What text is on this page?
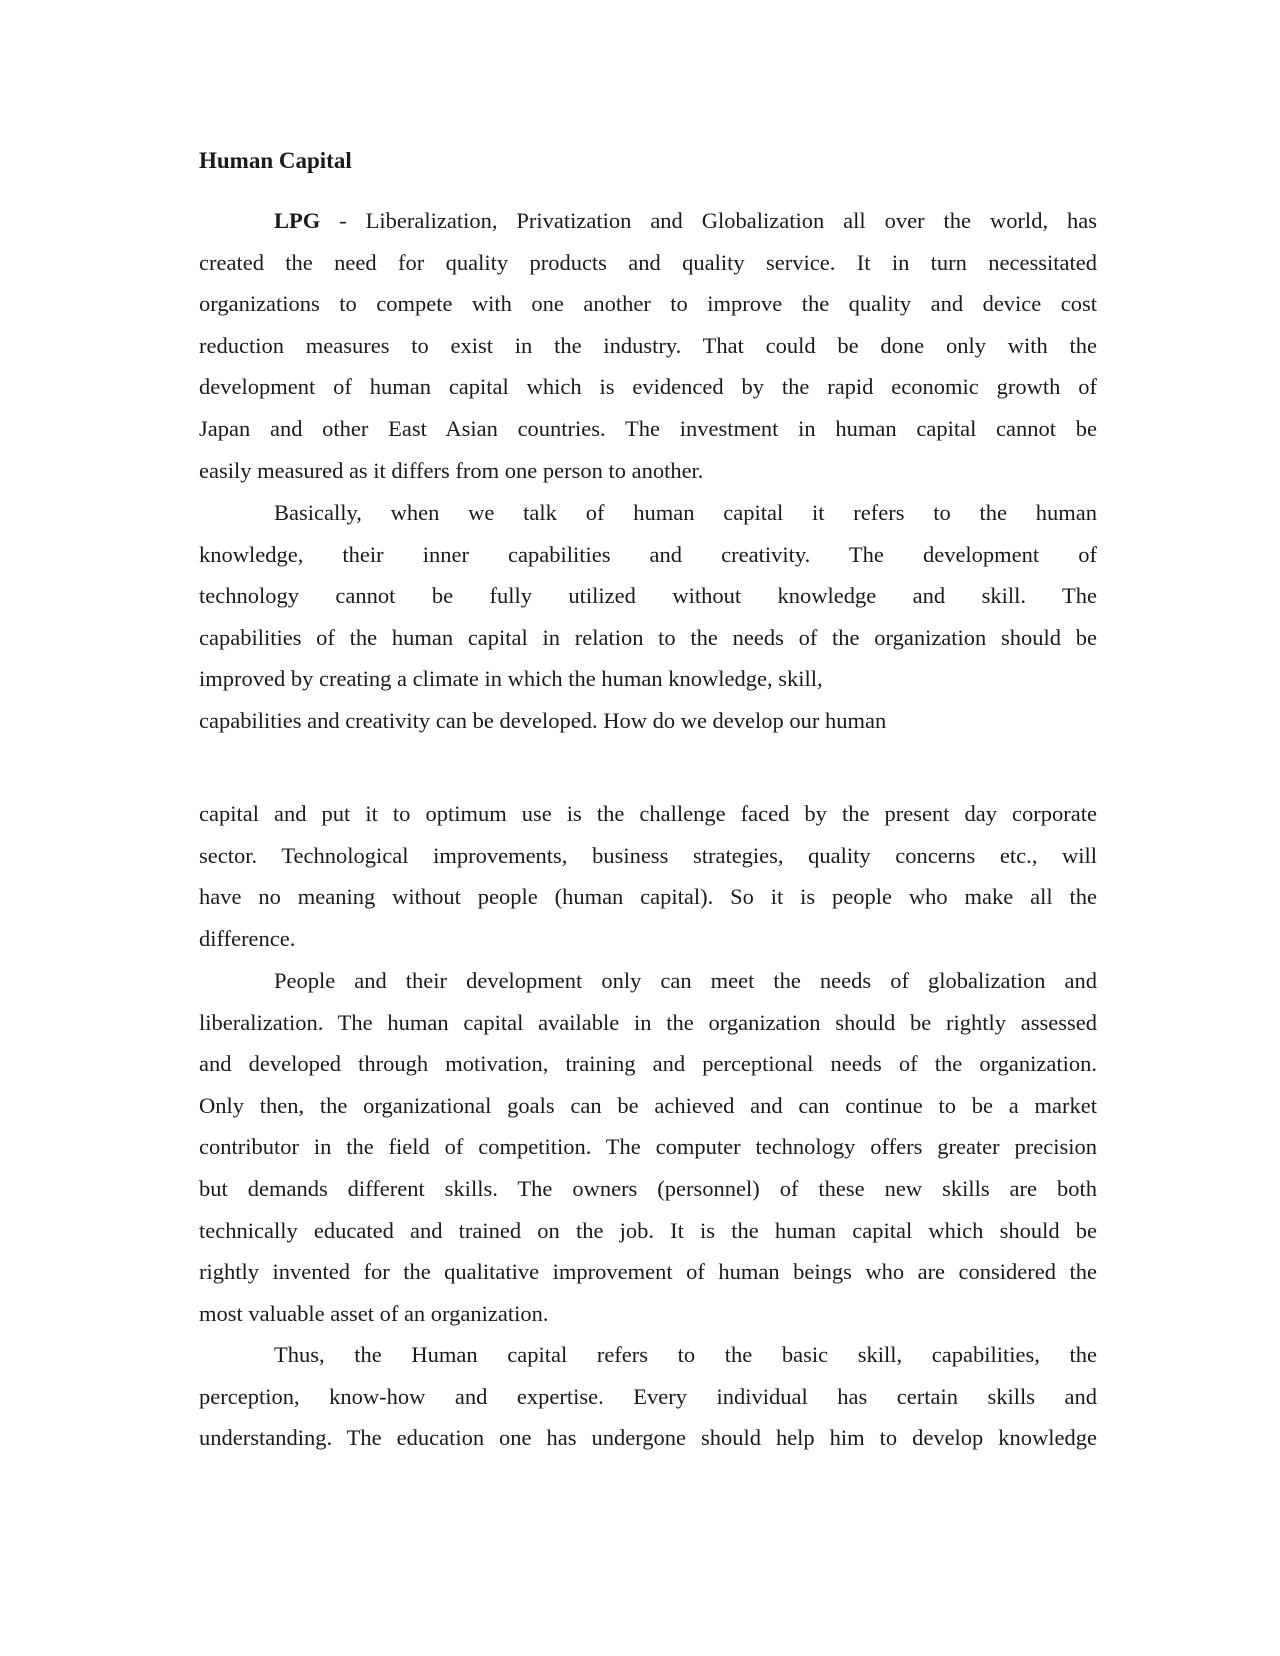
Human Capital
LPG - Liberalization, Privatization and Globalization all over the world, has
created the need for quality products and quality service. It in turn necessitated
organizations to compete with one another to improve the quality and device cost
reduction measures to exist in the industry. That could be done only with the
development of human capital which is evidenced by the rapid economic growth of
Japan and other East Asian countries. The investment in human capital cannot be
easily measured as it differs from one person to another.
Basically, when we talk of human capital it refers to the human
knowledge, their inner capabilities and creativity. The development of
technology cannot be fully utilized without knowledge and skill. The
capabilities of the human capital in relation to the needs of the organization should be
improved by creating a climate in which the human knowledge, skill,

capabilities and creativity can be developed. How do we develop our human

capital and put it to optimum use is the challenge faced by the present day corporate
sector. Technological improvements, business strategies, quality concerns etc., will
have no meaning without people (human capital). So it is people who make all the
difference.
People and their development only can meet the needs of globalization and
liberalization. The human capital available in the organization should be rightly assessed
and developed through motivation, training and perceptional needs of the organization.
Only then, the organizational goals can be achieved and can continue to be a market
contributor in the field of competition. The computer technology offers greater precision
but demands different skills. The owners (personnel) of these new skills are both
technically educated and trained on the job. It is the human capital which should be
rightly invented for the qualitative improvement of human beings who are considered the
most valuable asset of an organization.
Thus, the Human capital refers to the basic skill, capabilities, the
perception, know-how and expertise. Every individual has certain skills and
understanding. The education one has undergone should help him to develop knowledge
